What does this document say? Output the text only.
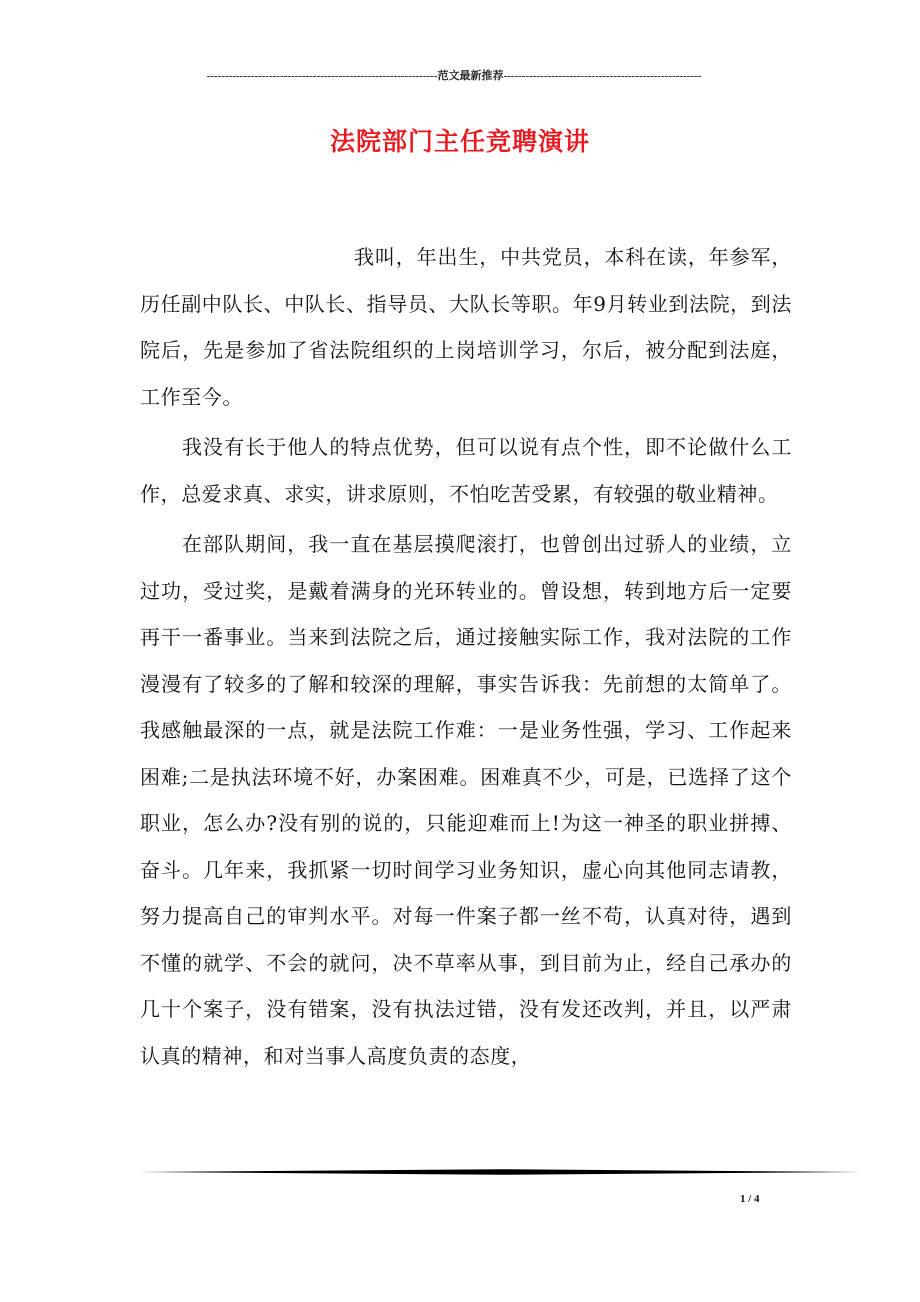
---------------------------------------------------------------范文最新推荐------------------------------------------------------
法院部门主任竞聘演讲

我叫，年出生，中共党员，本科在读，年参军，历任副中队长、中队长、指导员、大队长等职。年9月转业到法院，到法院后，先是参加了省法院组织的上岗培训学习，尔后，被分配到法庭，工作至今。

我没有长于他人的特点优势，但可以说有点个性，即不论做什么工作，总爱求真、求实，讲求原则，不怕吃苦受累，有较强的敬业精神。

在部队期间，我一直在基层摸爬滚打，也曾创出过骄人的业绩，立过功，受过奖，是戴着满身的光环转业的。曾设想，转到地方后一定要再干一番事业。当来到法院之后，通过接触实际工作，我对法院的工作漫漫有了较多的了解和较深的理解，事实告诉我：先前想的太简单了。我感触最深的一点，就是法院工作难：一是业务性强，学习、工作起来困难;二是执法环境不好，办案困难。困难真不少，可是，已选择了这个职业，怎么办?没有别的说的，只能迎难而上!为这一神圣的职业拼搏、奋斗。几年来，我抓紧一切时间学习业务知识，虚心向其他同志请教，努力提高自己的审判水平。对每一件案子都一丝不苟，认真对待，遇到不懂的就学、不会的就问，决不草率从事，到目前为止，经自己承办的几十个案子，没有错案，没有执法过错，没有发还改判，并且，以严肃认真的精神，和对当事人高度负责的态度，

1 / 4
